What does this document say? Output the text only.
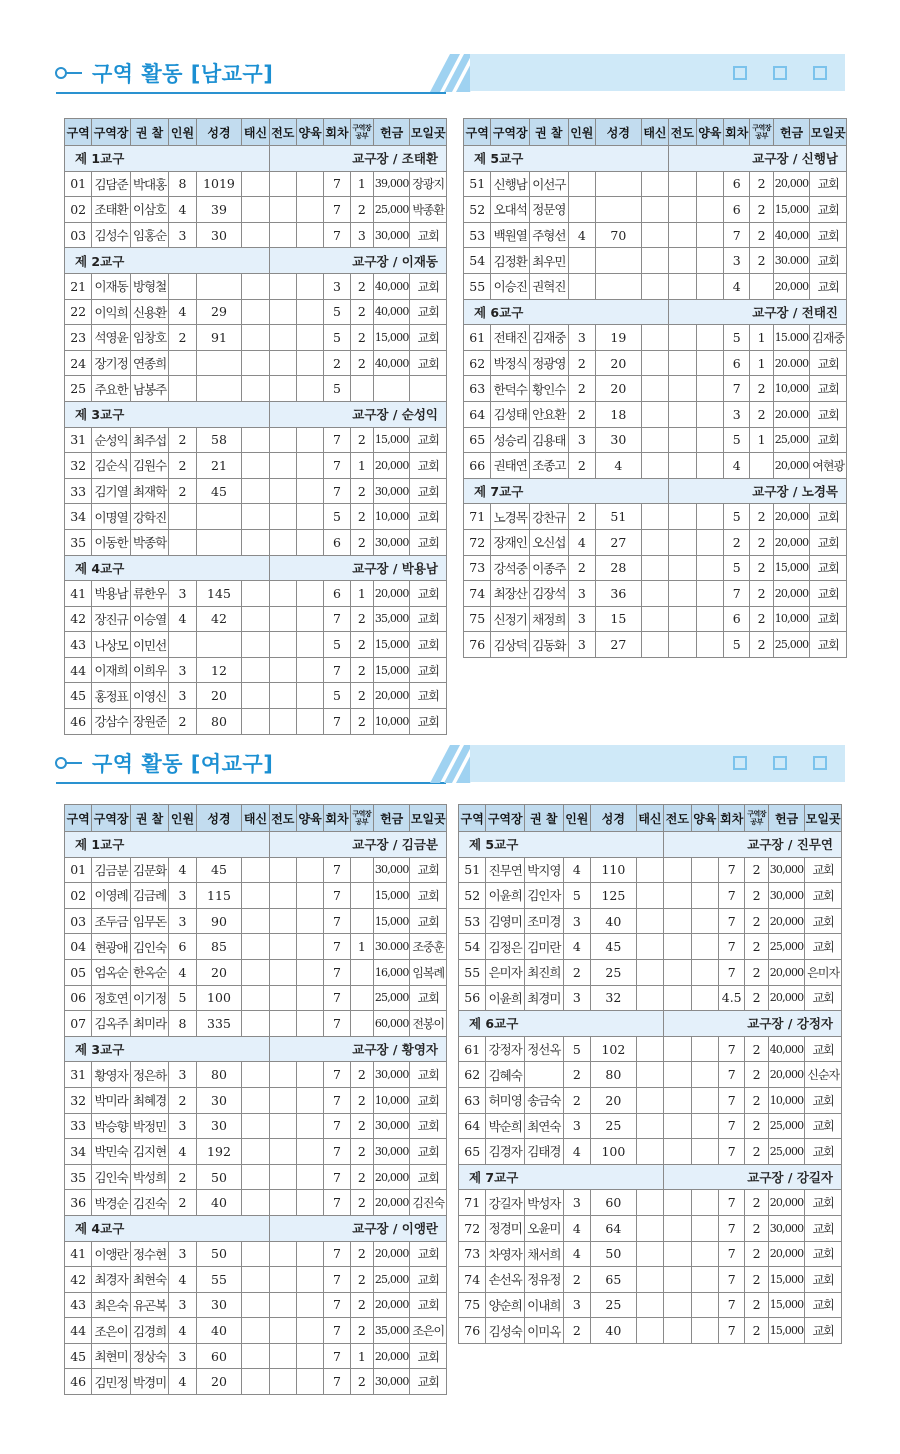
구역 활동 [남교구]
구역	구역장	권 찰	인원	성경	태신	전도	양육	회차	구역장
공부	헌금	모일곳
제 1교구						교구장 / 조태환					
01	김담준	박대홍	8	1019				7	1	39,000	장광지
02	조태환	이삼호	4	39				7	2	25,000	박종환
03	김성수	임홍순	3	30				7	3	30,000	교회
제 2교구						교구장 / 이재동					
21	이재동	방형철						3	2	40,000	교회
22	이익희	신용환	4	29				5	2	40,000	교회
23	석영윤	임창호	2	91				5	2	15,000	교회
24	장기정	연종희						2	2	40,000	교회
25	주요한	남봉주						5			
제 3교구						교구장 / 순성익					
31	순성익	최주섭	2	58				7	2	15,000	교회
32	김순식	김원수	2	21				7	1	20,000	교회
33	김기열	최재학	2	45				7	2	30,000	교회
34	이명열	강학진						5	2	10,000	교회
35	이동한	박종학						6	2	30,000	교회
제 4교구						교구장 / 박용남					
41	박용남	류한우	3	145				6	1	20,000	교회
42	장진규	이승열	4	42				7	2	35,000	교회
43	나상모	이민선						5	2	15,000	교회
44	이재희	이희우	3	12				7	2	15,000	교회
45	홍정표	이영신	3	20				5	2	20,000	교회
46	강삼수	장원준	2	80				7	2	10,000	교회
구역	구역장	권 찰	인원	성경	태신	전도	양육	회차	구역장
공부	헌금	모일곳
제 5교구						교구장 / 신행남					
51	신행남	이선구						6	2	20,000	교회
52	오대석	정문영						6	2	15,000	교회
53	백원열	주형선	4	70				7	2	40,000	교회
54	김정환	최우민						3	2	30.000	교회
55	이승진	권혁진						4		20,000	교회
제 6교구						교구장 / 전태진					
61	전태진	김재중	3	19				5	1	15.000	김재중
62	박정식	정광영	2	20				6	1	20.000	교회
63	한덕수	황인수	2	20				7	2	10,000	교회
64	김성태	안요환	2	18				3	2	20.000	교회
65	성승리	김용태	3	30				5	1	25,000	교회
66	권태연	조종고	2	4				4		20,000	여현광
제 7교구						교구장 / 노경목					
71	노경목	강찬규	2	51				5	2	20,000	교회
72	장재인	오신섭	4	27				2	2	20,000	교회
73	강석중	이종주	2	28				5	2	15,000	교회
74	최장산	김장석	3	36				7	2	20,000	교회
75	신정기	채정희	3	15				6	2	10,000	교회
76	김상덕	김동화	3	27				5	2	25,000	교회
구역 활동 [여교구]
구역	구역장	권 찰	인원	성경	태신	전도	양육	회차	구역장
공부	헌금	모일곳
제 1교구						교구장 / 김금분					
01	김금분	김문화	4	45				7		30,000	교회
02	이영례	김금례	3	115				7		15,000	교회
03	조두금	임무돈	3	90				7		15,000	교회
04	현광애	김인숙	6	85				7	1	30.000	조중훈
05	엄옥순	한옥순	4	20				7		16,000	임복례
06	정호연	이기정	5	100				7		25,000	교회
07	김옥주	최미라	8	335				7		60,000	전봉이
제 3교구						교구장 / 황영자					
31	황영자	정은하	3	80				7	2	30,000	교회
32	박미라	최혜경	2	30				7	2	10,000	교회
33	박승향	박정민	3	30				7	2	30,000	교회
34	박민숙	김지현	4	192				7	2	30,000	교회
35	김인숙	박성희	2	50				7	2	20,000	교회
36	박경순	김진숙	2	40				7	2	20,000	김진숙
제 4교구						교구장 / 이앵란					
41	이앵란	정수현	3	50				7	2	20,000	교회
42	최경자	최현숙	4	55				7	2	25,000	교회
43	최은숙	유곤복	3	30				7	2	20,000	교회
44	조은이	김경희	4	40				7	2	35,000	조은이
45	최현미	정상숙	3	60				7	1	20,000	교회
46	김민정	박경미	4	20				7	2	30,000	교회
구역	구역장	권 찰	인원	성경	태신	전도	양육	회차	구역장
공부	헌금	모일곳
제 5교구						교구장 / 진무연					
51	진무연	박지영	4	110				7	2	30,000	교회
52	이윤희	김인자	5	125				7	2	30,000	교회
53	김영미	조미경	3	40				7	2	20,000	교회
54	김정은	김미란	4	45				7	2	25,000	교회
55	은미자	최진희	2	25				7	2	20,000	은미자
56	이윤희	최경미	3	32				4.5	2	20,000	교회
제 6교구						교구장 / 강정자					
61	강정자	정선옥	5	102				7	2	40,000	교회
62	김혜숙		2	80				7	2	20,000	신순자
63	허미영	송금숙	2	20				7	2	10,000	교회
64	박순희	최연숙	3	25				7	2	25,000	교회
65	김경자	김태경	4	100				7	2	25,000	교회
제 7교구						교구장 / 강길자					
71	강길자	박성자	3	60				7	2	20,000	교회
72	정경미	오윤미	4	64				7	2	30,000	교회
73	차영자	채서희	4	50				7	2	20,000	교회
74	손선옥	정유정	2	65				7	2	15,000	교회
75	양순희	이내희	3	25				7	2	15,000	교회
76	김성숙	이미옥	2	40				7	2	15,000	교회
